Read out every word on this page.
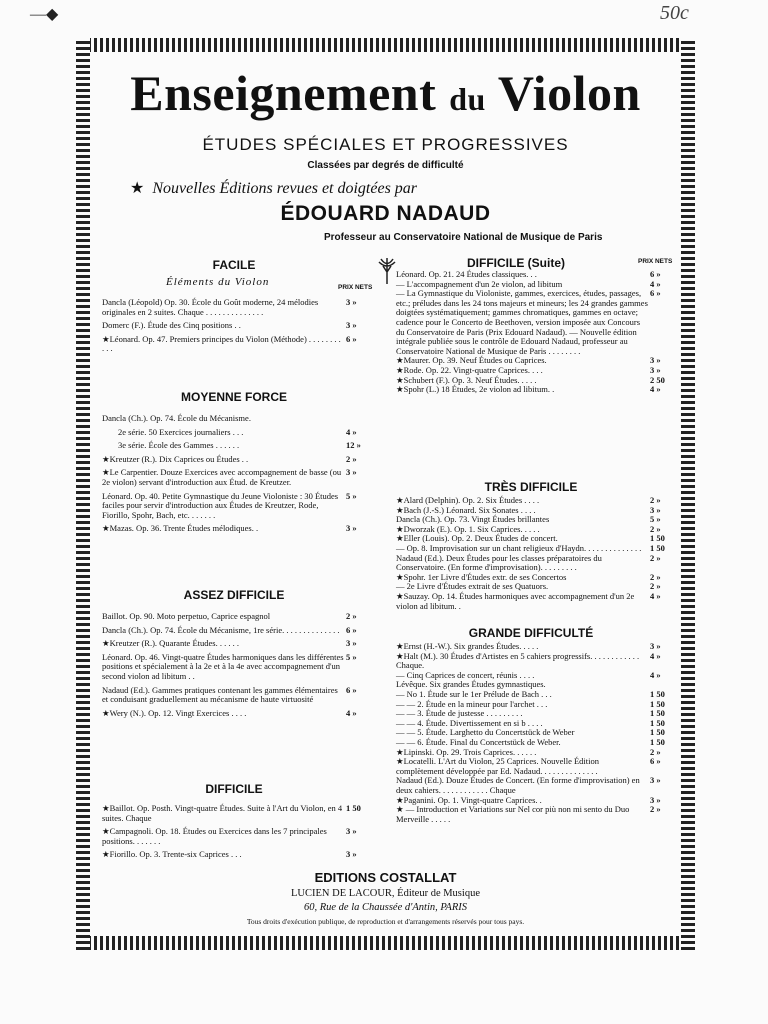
—◆	50c
Enseignement du Violon
ÉTUDES SPÉCIALES ET PROGRESSIVES
Classées par degrés de difficulté
★ Nouvelles Éditions revues et doigtées par
ÉDOUARD NADAUD
Professeur au Conservatoire National de Musique de Paris
FACILE
Éléments du Violon	PRIX NETS
Dancla (Léopold) Op. 30. École du Goût moderne, 24 mélodies originales en 2 suites. Chaque . . . . . . . . . . . . . .
3 »
Domerc (F.). Étude des Cinq positions . .	3 »
★Léonard. Op. 47. Premiers principes du Violon (Méthode) . . . . . . . . . . .
6 »
MOYENNE FORCE
Dancla (Ch.). Op. 74. École du Mécanisme.
2e série. 50 Exercices journaliers . . .	4 »
3e série. École des Gammes . . . . . .	12 »
★Kreutzer (R.). Dix Caprices ou Études . .	2 »
★Le Carpentier. Douze Exercices avec accompagnement de basse (ou 2e violon) servant d'introduction aux Étud. de Kreutzer.
3 »
Léonard. Op. 40. Petite Gymnastique du Jeune Violoniste : 30 Études faciles pour servir d'introduction aux Études de Kreutzer, Rode, Fiorillo, Spohr, Bach, etc. . . . . . .
5 »
★Mazas. Op. 36. Trente Études mélodiques. .	3 »
ASSEZ DIFFICILE
Baillot. Op. 90. Moto perpetuo, Caprice espagnol	2 »
Dancla (Ch.). Op. 74. École du Mécanisme, 1re série. . . . . . . . . . . . . . 6 »
★Kreutzer (R.). Quarante Études. . . . . .	3 »
Léonard. Op. 46. Vingt-quatre Études harmoniques dans les différentes positions et spécialement à la 2e et à la 4e avec accompagnement d'un second violon ad libitum . .
5 »
Nadaud (Ed.). Gammes pratiques contenant les gammes élémentaires et conduisant graduellement au mécanisme de haute virtuosité
6 »
★Wery (N.). Op. 12. Vingt Exercices . . . .	4 »
DIFFICILE
★Baillot. Op. Posth. Vingt-quatre Études. Suite à l'Art du Violon, en 4 suites. Chaque
1 50
★Campagnoli. Op. 18. Études ou Exercices dans les 7 principales positions. . . . . . .
3 »
★Fiorillo. Op. 3. Trente-six Caprices . . .	3 »
DIFFICILE (Suite)	PRIX NETS
Léonard. Op. 21. 24 Études classiques. . .	6 »
— L'accompagnement d'un 2e violon, ad libitum	4 »
— La Gymnastique du Violoniste, gammes, exercices, études, passages, etc.; préludes dans les 24 tons majeurs et mineurs; les 24 grandes gammes doigtées systématiquement; gammes chromatiques, gammes en octave; cadence pour le Concerto de Beethoven, version imposée aux Concours du Conservatoire de Paris (Prix Edouard Nadaud). — Nouvelle édition intégrale publiée sous le contrôle de Edouard Nadaud, professeur au Conservatoire National de Musique de Paris . . . . . . . .
6 »
★Maurer. Op. 39. Neuf Études ou Caprices.	3 »
★Rode. Op. 22. Vingt-quatre Caprices. . . .	3 »
★Schubert (F.). Op. 3. Neuf Études. . . . .	2 50
★Spohr (L.) 18 Études, 2e violon ad libitum. .	4 »
TRÈS DIFFICILE
★Alard (Delphin). Op. 2. Six Études . . . .	2 »
★Bach (J.-S.) Léonard. Six Sonates . . . .	3 »
Dancla (Ch.). Op. 73. Vingt Études brillantes	5 »
★Dworzak (E.). Op. 1. Six Caprices. . . . .	2 »
★Eller (Louis). Op. 2. Deux Études de concert.	1 50
— Op. 8. Improvisation sur un chant religieux d'Haydn. . . . . . . . . . . . . . 1 50
Nadaud (Ed.). Deux Études pour les classes préparatoires du Conservatoire. (En forme d'improvisation). . . . . . . . .
2 »
★Spohr. 1er Livre d'Études extr. de ses Concertos	2 »
— 2e Livre d'Études extrait de ses Quatuors.	2 »
★Sauzay. Op. 14. Études harmoniques avec accompagnement d'un 2e violon ad libitum. .
4 »
GRANDE DIFFICULTÉ
★Ernst (H.-W.). Six grandes Études. . . . .	3 »
★Halt (M.). 30 Études d'Artistes en 5 cahiers progressifs. . . . . . . . . . . . Chaque.
4 »
— Cinq Caprices de concert, réunis . . . .	4 »
Lévêque. Six grandes Études gymnastiques.
— No 1. Étude sur le 1er Prélude de Bach . . .	1 50
— — 2. Étude en la mineur pour l'archet . . .	1 50
— — 3. Étude de justesse . . . . . . . . .	1 50
— — 4. Étude. Divertissement en si b . . . .	1 50
— — 5. Étude. Larghetto du Concertstück de Weber	1 50
— — 6. Étude. Final du Concertstück de Weber.	1 50
★Lipinski. Op. 29. Trois Caprices. . . . . .	2 »
★Locatelli. L'Art du Violon, 25 Caprices. Nouvelle Édition complètement développée par Ed. Nadaud. . . . . . . . . . . . . .
6 »
Nadaud (Ed.). Douze Études de Concert. (En forme d'improvisation) en deux cahiers. . . . . . . . . . . . Chaque
3 »
★Paganini. Op. 1. Vingt-quatre Caprices. .	3 »
★ — Introduction et Variations sur Nel cor più non mi sento du Duo Merveille . . . . .
2 »
EDITIONS COSTALLAT
LUCIEN DE LACOUR, Éditeur de Musique
60, Rue de la Chaussée d'Antin, PARIS
Tous droits d'exécution publique, de reproduction et d'arrangements réservés pour tous pays.
